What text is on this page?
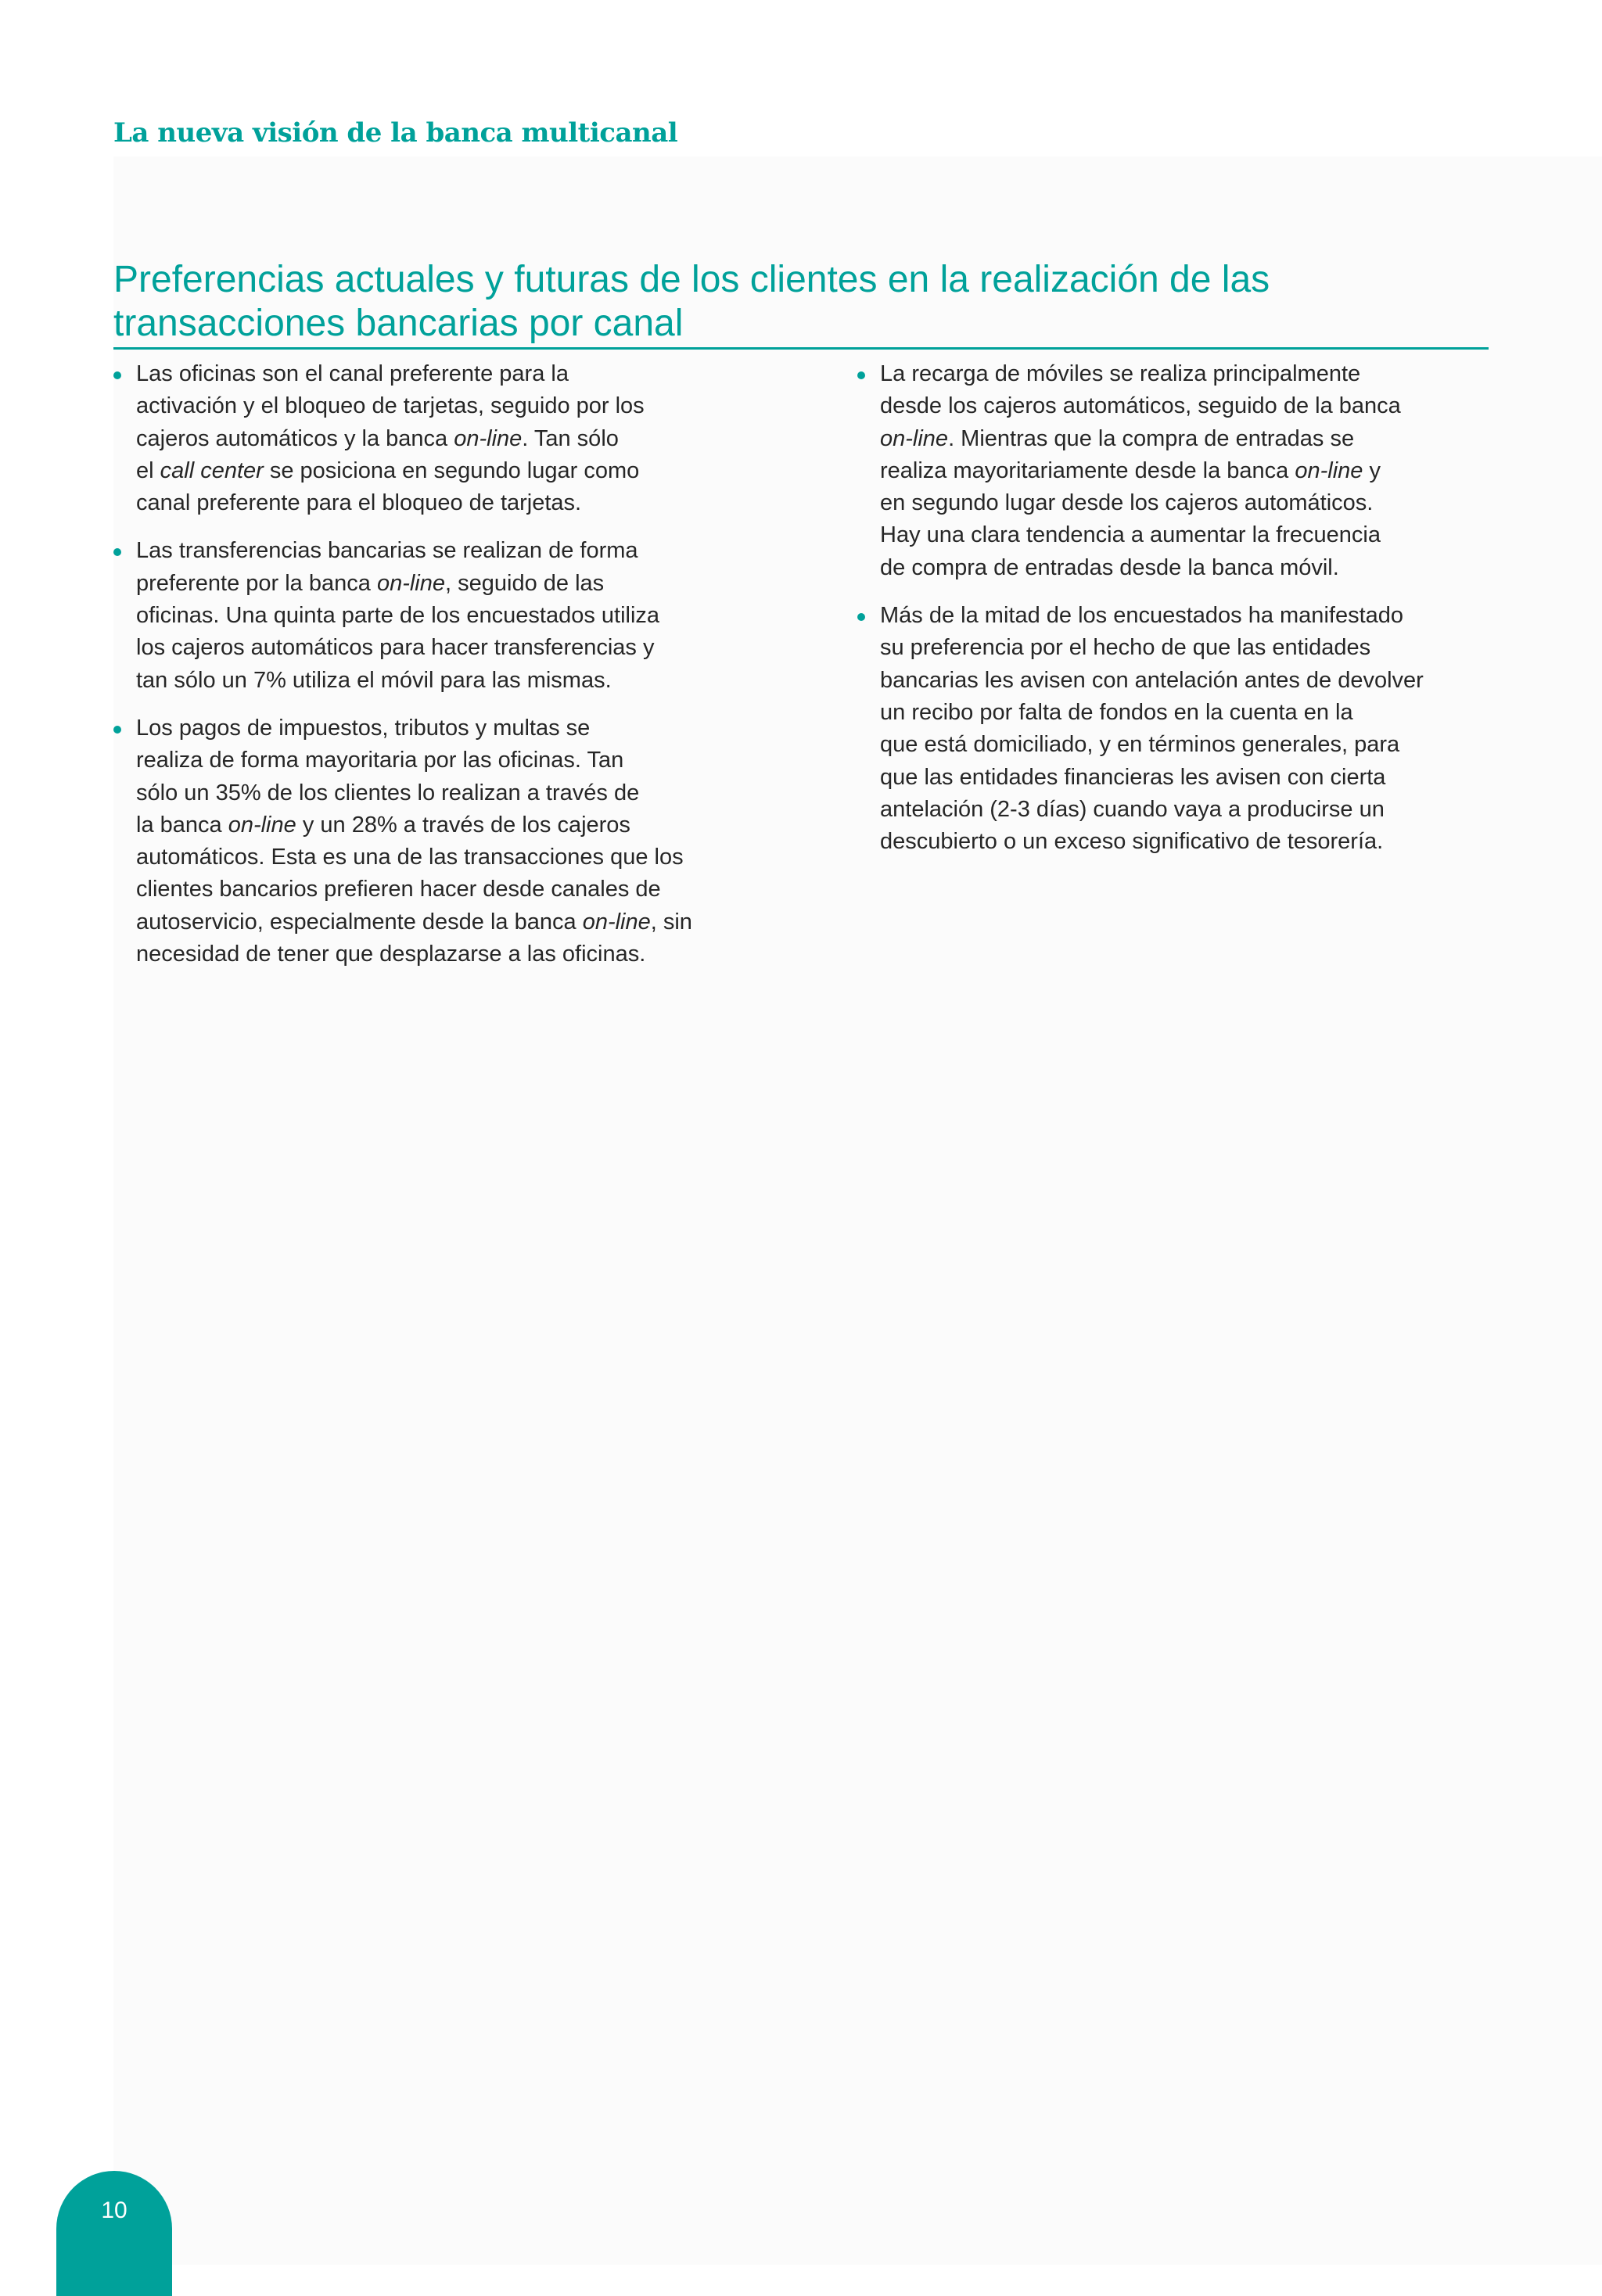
La nueva visión de la banca multicanal
Preferencias actuales y futuras de los clientes en la realización de las transacciones bancarias por canal
Las oficinas son el canal preferente para la
activación y el bloqueo de tarjetas, seguido por los
cajeros automáticos y la banca on-line. Tan sólo
el call center se posiciona en segundo lugar como
canal preferente para el bloqueo de tarjetas.
Las transferencias bancarias se realizan de forma
preferente por la banca on-line, seguido de las
oficinas. Una quinta parte de los encuestados utiliza
los cajeros automáticos para hacer transferencias y
tan sólo un 7% utiliza el móvil para las mismas.
Los pagos de impuestos, tributos y multas se
realiza de forma mayoritaria por las oficinas. Tan
sólo un 35% de los clientes lo realizan a través de
la banca on-line y un 28% a través de los cajeros
automáticos. Esta es una de las transacciones que los
clientes bancarios prefieren hacer desde canales de
autoservicio, especialmente desde la banca on-line, sin
necesidad de tener que desplazarse a las oficinas.
La recarga de móviles se realiza principalmente
desde los cajeros automáticos, seguido de la banca
on-line. Mientras que la compra de entradas se
realiza mayoritariamente desde la banca on-line y
en segundo lugar desde los cajeros automáticos.
Hay una clara tendencia a aumentar la frecuencia
de compra de entradas desde la banca móvil.
Más de la mitad de los encuestados ha manifestado
su preferencia por el hecho de que las entidades
bancarias les avisen con antelación antes de devolver
un recibo por falta de fondos en la cuenta en la
que está domiciliado, y en términos generales, para
que las entidades financieras les avisen con cierta
antelación (2-3 días) cuando vaya a producirse un
descubierto o un exceso significativo de tesorería.
10
